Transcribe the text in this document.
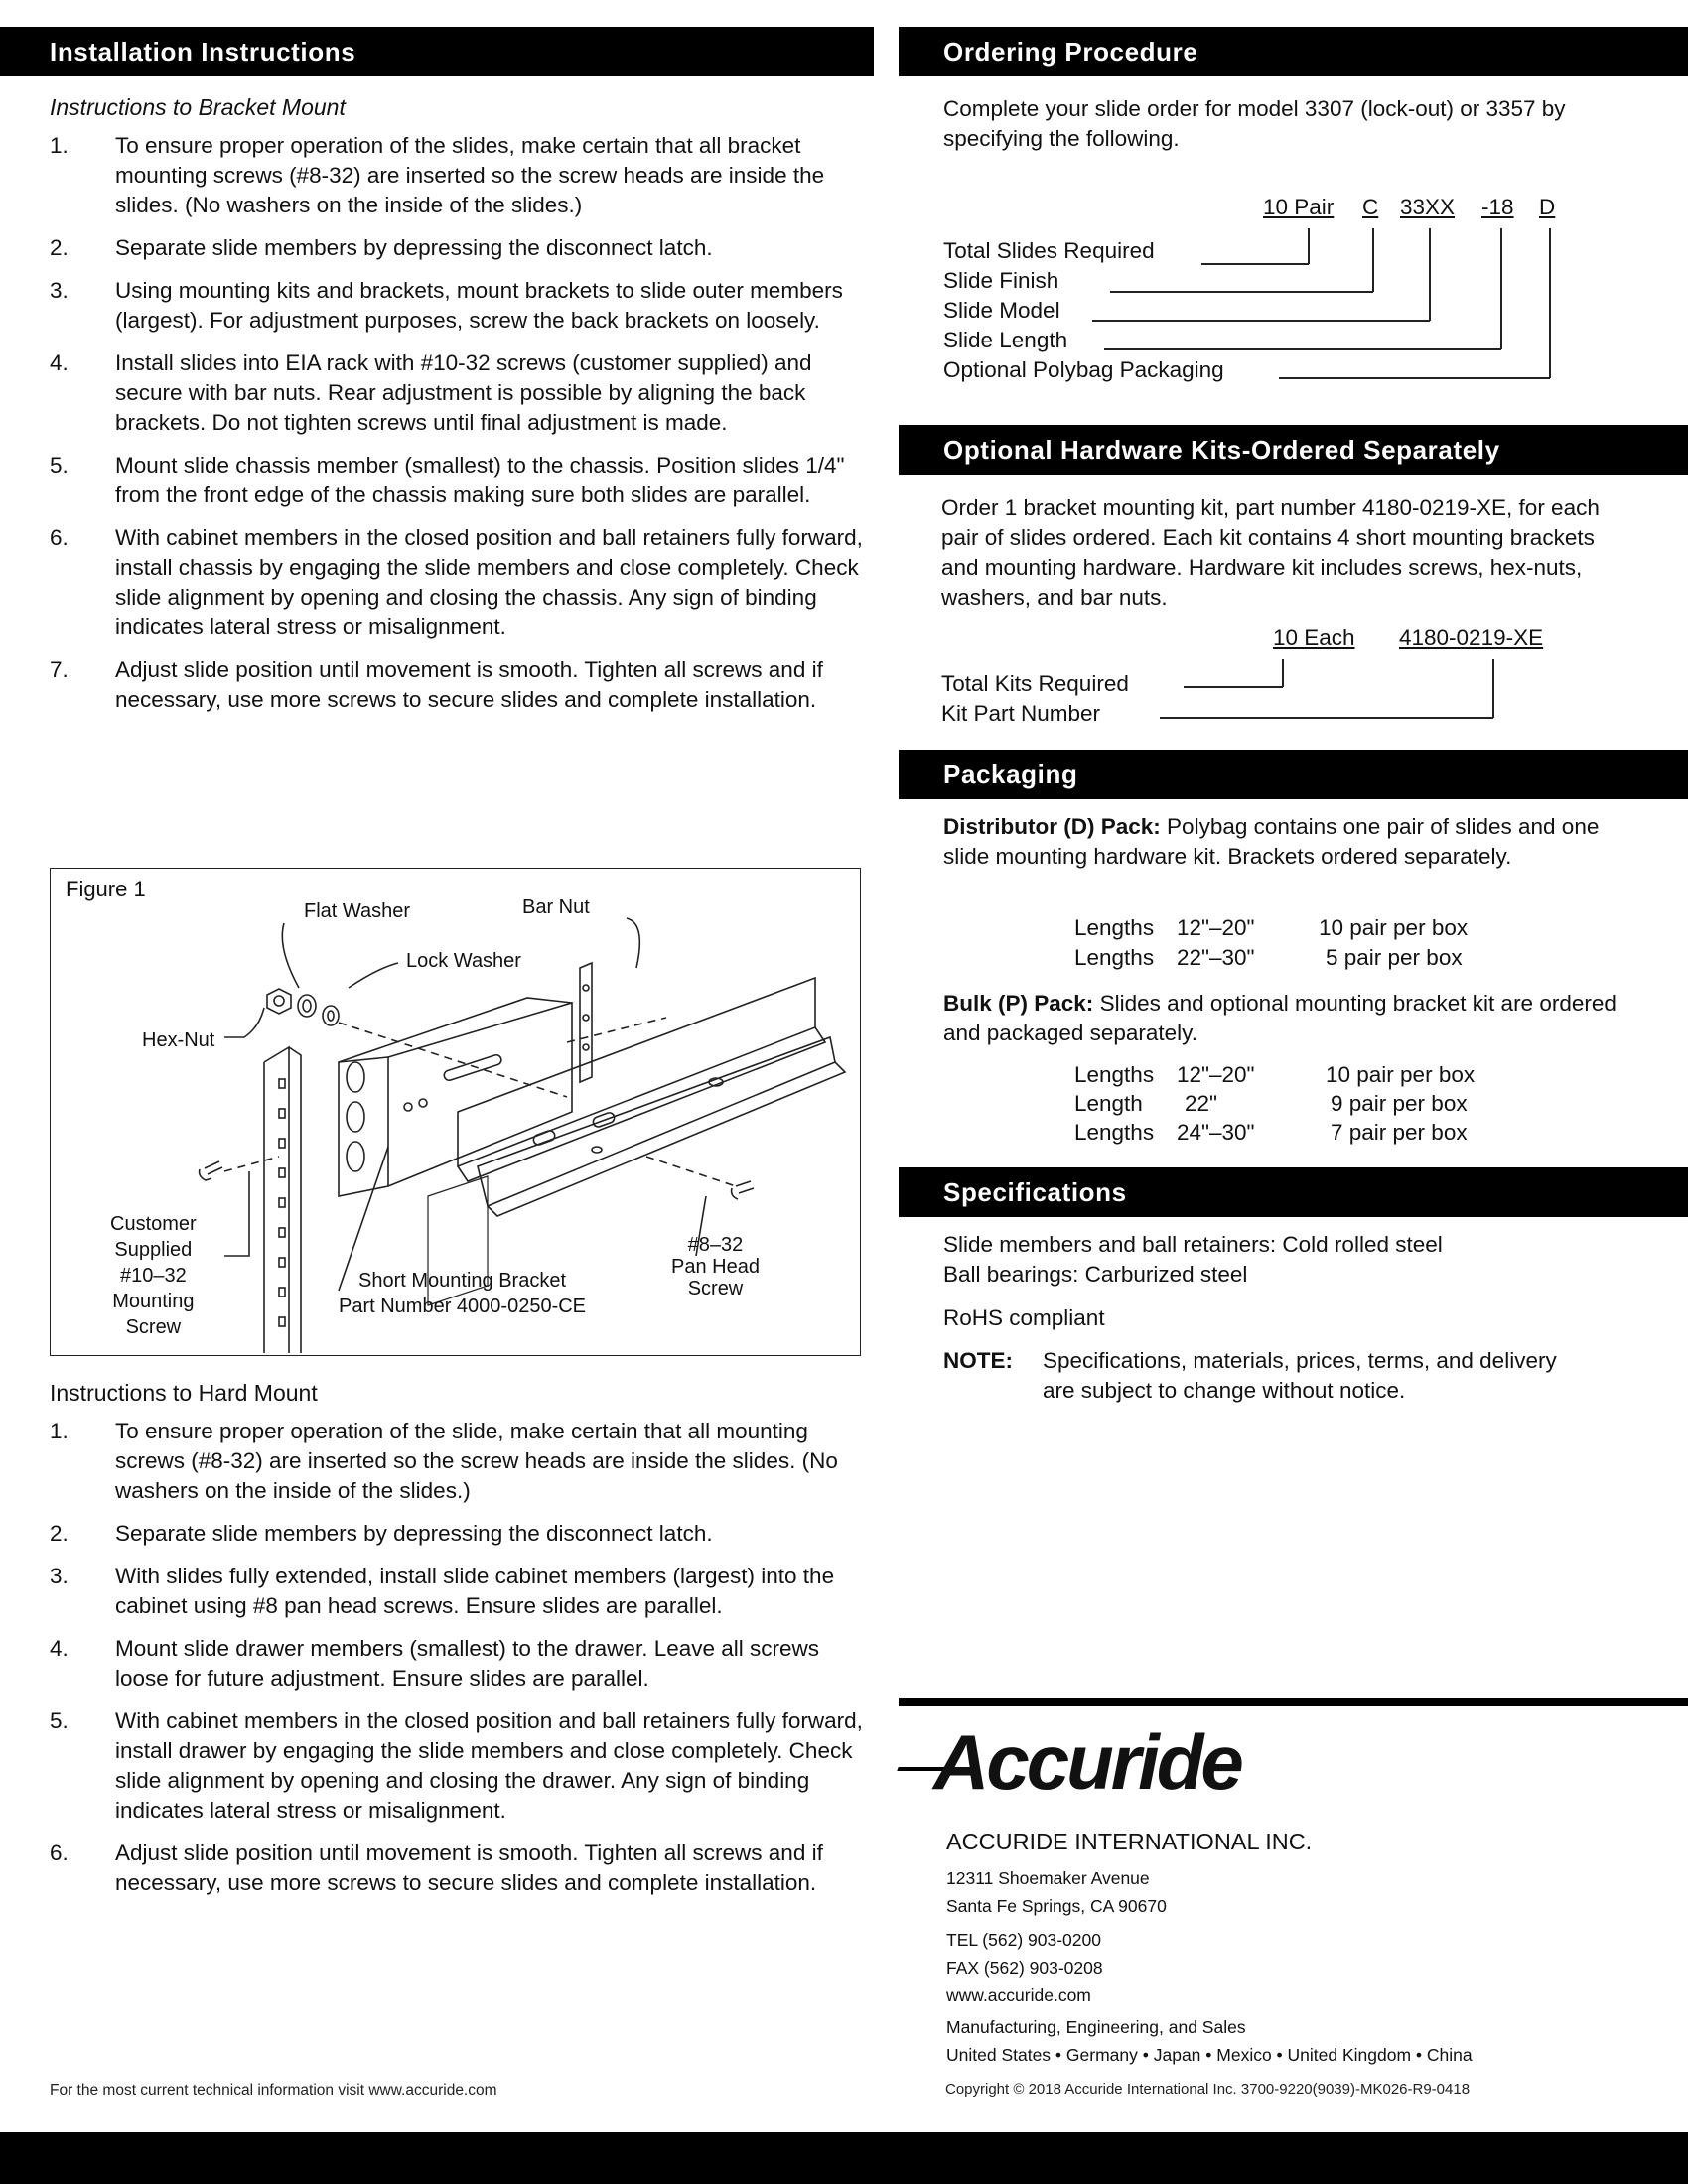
Installation Instructions
Instructions to Bracket Mount
1. To ensure proper operation of the slides, make certain that all bracket mounting screws (#8-32) are inserted so the screw heads are inside the slides. (No washers on the inside of the slides.)
2. Separate slide members by depressing the disconnect latch.
3. Using mounting kits and brackets, mount brackets to slide outer members (largest). For adjustment purposes, screw the back brackets on loosely.
4. Install slides into EIA rack with #10-32 screws (customer supplied) and secure with bar nuts. Rear adjustment is possible by aligning the back brackets. Do not tighten screws until final adjustment is made.
5. Mount slide chassis member (smallest) to the chassis. Position slides 1/4" from the front edge of the chassis making sure both slides are parallel.
6. With cabinet members in the closed position and ball retainers fully forward, install chassis by engaging the slide members and close completely. Check slide alignment by opening and closing the chassis. Any sign of binding indicates lateral stress or misalignment.
7. Adjust slide position until movement is smooth. Tighten all screws and if necessary, use more screws to secure slides and complete installation.
Figure 1
Flat Washer	Bar Nut
Lock Washer
Hex-Nut
Customer
Supplied
#10–32
Mounting
Screw
Short Mounting Bracket
Part Number 4000-0250-CE
#8–32
Pan Head
Screw
Instructions to Hard Mount
1. To ensure proper operation of the slide, make certain that all mounting screws (#8-32) are inserted so the screw heads are inside the slides. (No washers on the inside of the slides.)
2. Separate slide members by depressing the disconnect latch.
3. With slides fully extended, install slide cabinet members (largest) into the cabinet using #8 pan head screws. Ensure slides are parallel.
4. Mount slide drawer members (smallest) to the drawer. Leave all screws loose for future adjustment. Ensure slides are parallel.
5. With cabinet members in the closed position and ball retainers fully forward, install drawer by engaging the slide members and close completely. Check slide alignment by opening and closing the drawer. Any sign of binding indicates lateral stress or misalignment.
6. Adjust slide position until movement is smooth. Tighten all screws and if necessary, use more screws to secure slides and complete installation.
For the most current technical information visit www.accuride.com
Ordering Procedure
Complete your slide order for model 3307 (lock-out) or 3357 by specifying the following.
10 Pair C 33XX -18 D
Total Slides Required
Slide Finish
Slide Model
Slide Length
Optional Polybag Packaging
Optional Hardware Kits-Ordered Separately
Order 1 bracket mounting kit, part number 4180-0219-XE, for each pair of slides ordered. Each kit contains 4 short mounting brackets and mounting hardware. Hardware kit includes screws, hex-nuts, washers, and bar nuts.
10 Each 4180-0219-XE
Total Kits Required
Kit Part Number
Packaging
Distributor (D) Pack: Polybag contains one pair of slides and one slide mounting hardware kit. Brackets ordered separately.
Lengths 12"–20"	10 pair per box
Lengths 22"–30"	5 pair per box
Bulk (P) Pack: Slides and optional mounting bracket kit are ordered and packaged separately.
Lengths 12"–20"	10 pair per box
Length 22"	9 pair per box
Lengths 24"–30"	7 pair per box
Specifications
Slide members and ball retainers: Cold rolled steel
Ball bearings: Carburized steel
RoHS compliant
NOTE: Specifications, materials, prices, terms, and delivery are subject to change without notice.
Accuride
ACCURIDE INTERNATIONAL INC.
12311 Shoemaker Avenue
Santa Fe Springs, CA 90670
TEL (562) 903-0200
FAX (562) 903-0208
www.accuride.com
Manufacturing, Engineering, and Sales
United States • Germany • Japan • Mexico • United Kingdom • China
Copyright © 2018 Accuride International Inc. 3700-9220(9039)-MK026-R9-0418
